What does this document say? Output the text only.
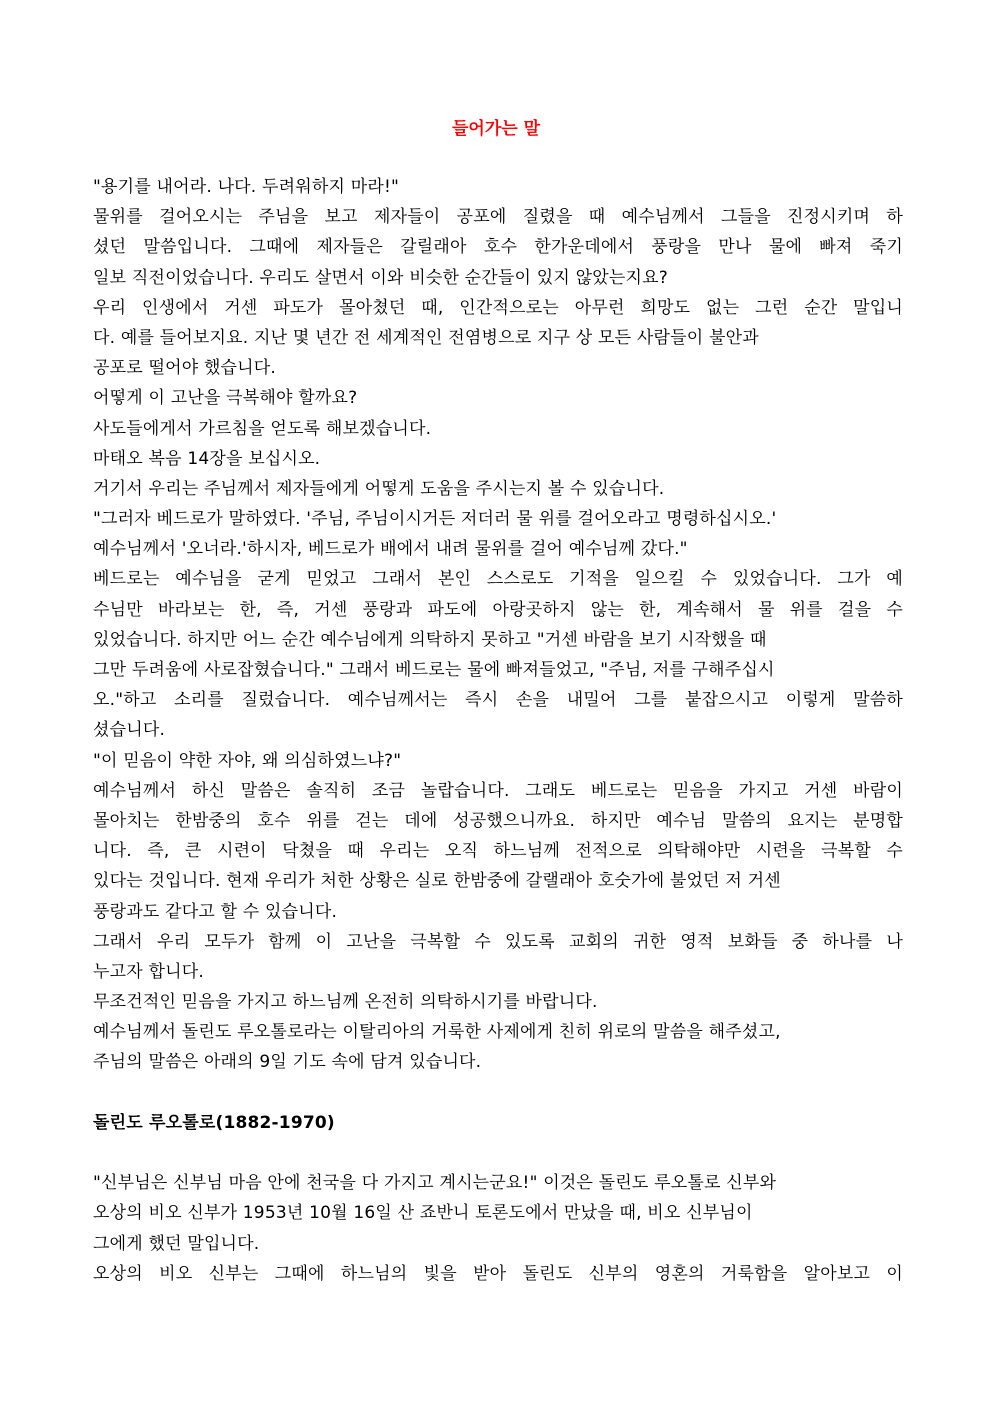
들어가는 말
"용기를 내어라. 나다. 두려워하지 마라!"
물위를 걸어오시는 주님을 보고 제자들이 공포에 질렸을 때 예수님께서 그들을 진정시키며 하
셨던 말씀입니다. 그때에 제자들은 갈릴래아 호수 한가운데에서 풍랑을 만나 물에 빠져 죽기
일보 직전이었습니다. 우리도 살면서 이와 비슷한 순간들이 있지 않았는지요?
우리 인생에서 거센 파도가 몰아쳤던 때, 인간적으로는 아무런 희망도 없는 그런 순간 말입니
다. 예를 들어보지요. 지난 몇 년간 전 세계적인 전염병으로 지구 상 모든 사람들이 불안과
공포로 떨어야 했습니다.
어떻게 이 고난을 극복해야 할까요?
사도들에게서 가르침을 얻도록 해보겠습니다.
마태오 복음 14장을 보십시오.
거기서 우리는 주님께서 제자들에게 어떻게 도움을 주시는지 볼 수 있습니다.
"그러자 베드로가 말하였다. '주님, 주님이시거든 저더러 물 위를 걸어오라고 명령하십시오.'
예수님께서 '오너라.'하시자, 베드로가 배에서 내려 물위를 걸어 예수님께 갔다."
베드로는 예수님을 굳게 믿었고 그래서 본인 스스로도 기적을 일으킬 수 있었습니다. 그가 예
수님만 바라보는 한, 즉, 거센 풍랑과 파도에 아랑곳하지 않는 한, 계속해서 물 위를 걸을 수
있었습니다. 하지만 어느 순간 예수님에게 의탁하지 못하고 "거센 바람을 보기 시작했을 때
그만 두려움에 사로잡혔습니다." 그래서 베드로는 물에 빠져들었고, "주님, 저를 구해주십시
오."하고 소리를 질렀습니다. 예수님께서는 즉시 손을 내밀어 그를 붙잡으시고 이렇게 말씀하
셨습니다.
"이 믿음이 약한 자야, 왜 의심하였느냐?"
예수님께서 하신 말씀은 솔직히 조금 놀랍습니다. 그래도 베드로는 믿음을 가지고 거센 바람이
몰아치는 한밤중의 호수 위를 걷는 데에 성공했으니까요. 하지만 예수님 말씀의 요지는 분명합
니다. 즉, 큰 시련이 닥쳤을 때 우리는 오직 하느님께 전적으로 의탁해야만 시련을 극복할 수
있다는 것입니다. 현재 우리가 처한 상황은 실로 한밤중에 갈랠래아 호숫가에 불었던 저 거센
풍랑과도 같다고 할 수 있습니다.
그래서 우리 모두가 함께 이 고난을 극복할 수 있도록 교회의 귀한 영적 보화들 중 하나를 나
누고자 합니다.
무조건적인 믿음을 가지고 하느님께 온전히 의탁하시기를 바랍니다.
예수님께서 돌린도 루오톨로라는 이탈리아의 거룩한 사제에게 친히 위로의 말씀을 해주셨고,
주님의 말씀은 아래의 9일 기도 속에 담겨 있습니다.
돌린도 루오톨로(1882-1970)
"신부님은 신부님 마음 안에 천국을 다 가지고 계시는군요!" 이것은 돌린도 루오톨로 신부와
오상의 비오 신부가 1953년 10월 16일 산 죠반니 토론도에서 만났을 때, 비오 신부님이
그에게 했던 말입니다.
오상의 비오 신부는 그때에 하느님의 빛을 받아 돌린도 신부의 영혼의 거룩함을 알아보고 이
